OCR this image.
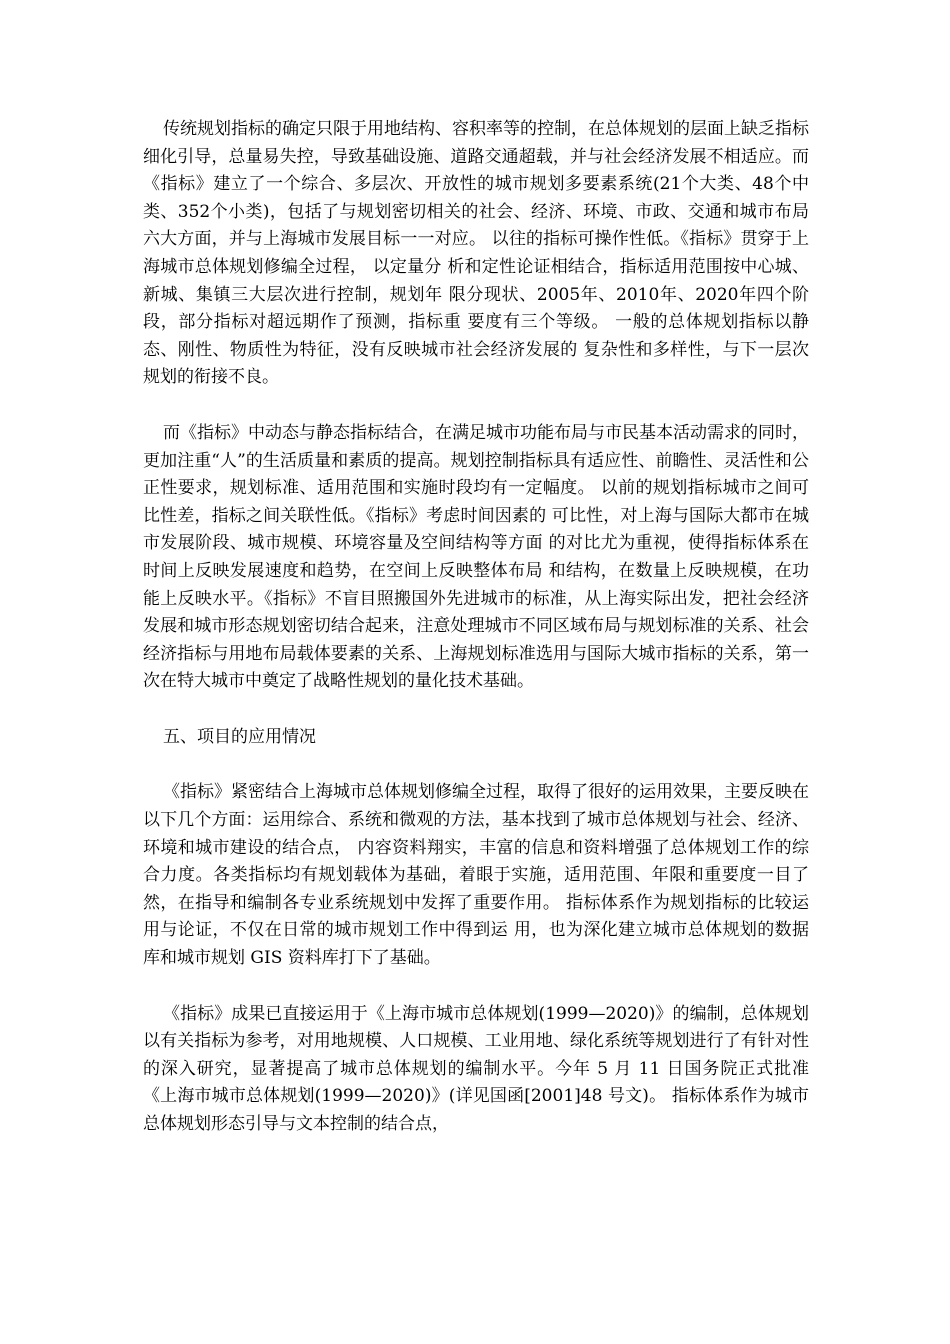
传统规划指标的确定只限于用地结构、容积率等的控制，在总体规划的层面上缺乏指标细化引导，总量易失控，导致基础设施、道路交通超载，并与社会经济发展不相适应。而《指标》建立了一个综合、多层次、开放性的城市规划多要素系统(21个大类、48个中类、352个小类)，包括了与规划密切相关的社会、经济、环境、市政、交通和城市布局六大方面，并与上海城市发展目标一一对应。 以往的指标可操作性低。《指标》贯穿于上海城市总体规划修编全过程， 以定量分 析和定性论证相结合，指标适用范围按中心城、新城、集镇三大层次进行控制，规划年 限分现状、2005年、2010年、2020年四个阶段，部分指标对超远期作了预测，指标重 要度有三个等级。 一般的总体规划指标以静态、刚性、物质性为特征，没有反映城市社会经济发展的 复杂性和多样性，与下一层次规划的衔接不良。

而《指标》中动态与静态指标结合，在满足城市功能布局与市民基本活动需求的同时，更加注重“人”的生活质量和素质的提高。规划控制指标具有适应性、前瞻性、灵活性和公正性要求，规划标准、适用范围和实施时段均有一定幅度。 以前的规划指标城市之间可比性差，指标之间关联性低。《指标》考虑时间因素的 可比性，对上海与国际大都市在城市发展阶段、城市规模、环境容量及空间结构等方面 的对比尤为重视，使得指标体系在时间上反映发展速度和趋势，在空间上反映整体布局 和结构，在数量上反映规模，在功能上反映水平。《指标》不盲目照搬国外先进城市的标准，从上海实际出发，把社会经济发展和城市形态规划密切结合起来，注意处理城市不同区域布局与规划标准的关系、社会经济指标与用地布局载体要素的关系、上海规划标准选用与国际大城市指标的关系，第一次在特大城市中奠定了战略性规划的量化技术基础。

五、项目的应用情况

《指标》紧密结合上海城市总体规划修编全过程，取得了很好的运用效果，主要反映在以下几个方面：运用综合、系统和微观的方法，基本找到了城市总体规划与社会、经济、环境和城市建设的结合点， 内容资料翔实，丰富的信息和资料增强了总体规划工作的综合力度。各类指标均有规划载体为基础，着眼于实施，适用范围、年限和重要度一目了然，在指导和编制各专业系统规划中发挥了重要作用。 指标体系作为规划指标的比较运用与论证，不仅在日常的城市规划工作中得到运 用，也为深化建立城市总体规划的数据库和城市规划 GIS 资料库打下了基础。

《指标》成果已直接运用于《上海市城市总体规划(1999—2020)》的编制，总体规划以有关指标为参考，对用地规模、人口规模、工业用地、绿化系统等规划进行了有针对性的深入研究，显著提高了城市总体规划的编制水平。今年 5 月 11 日国务院正式批准《上海市城市总体规划(1999—2020)》(详见国函[2001]48 号文)。 指标体系作为城市总体规划形态引导与文本控制的结合点，
